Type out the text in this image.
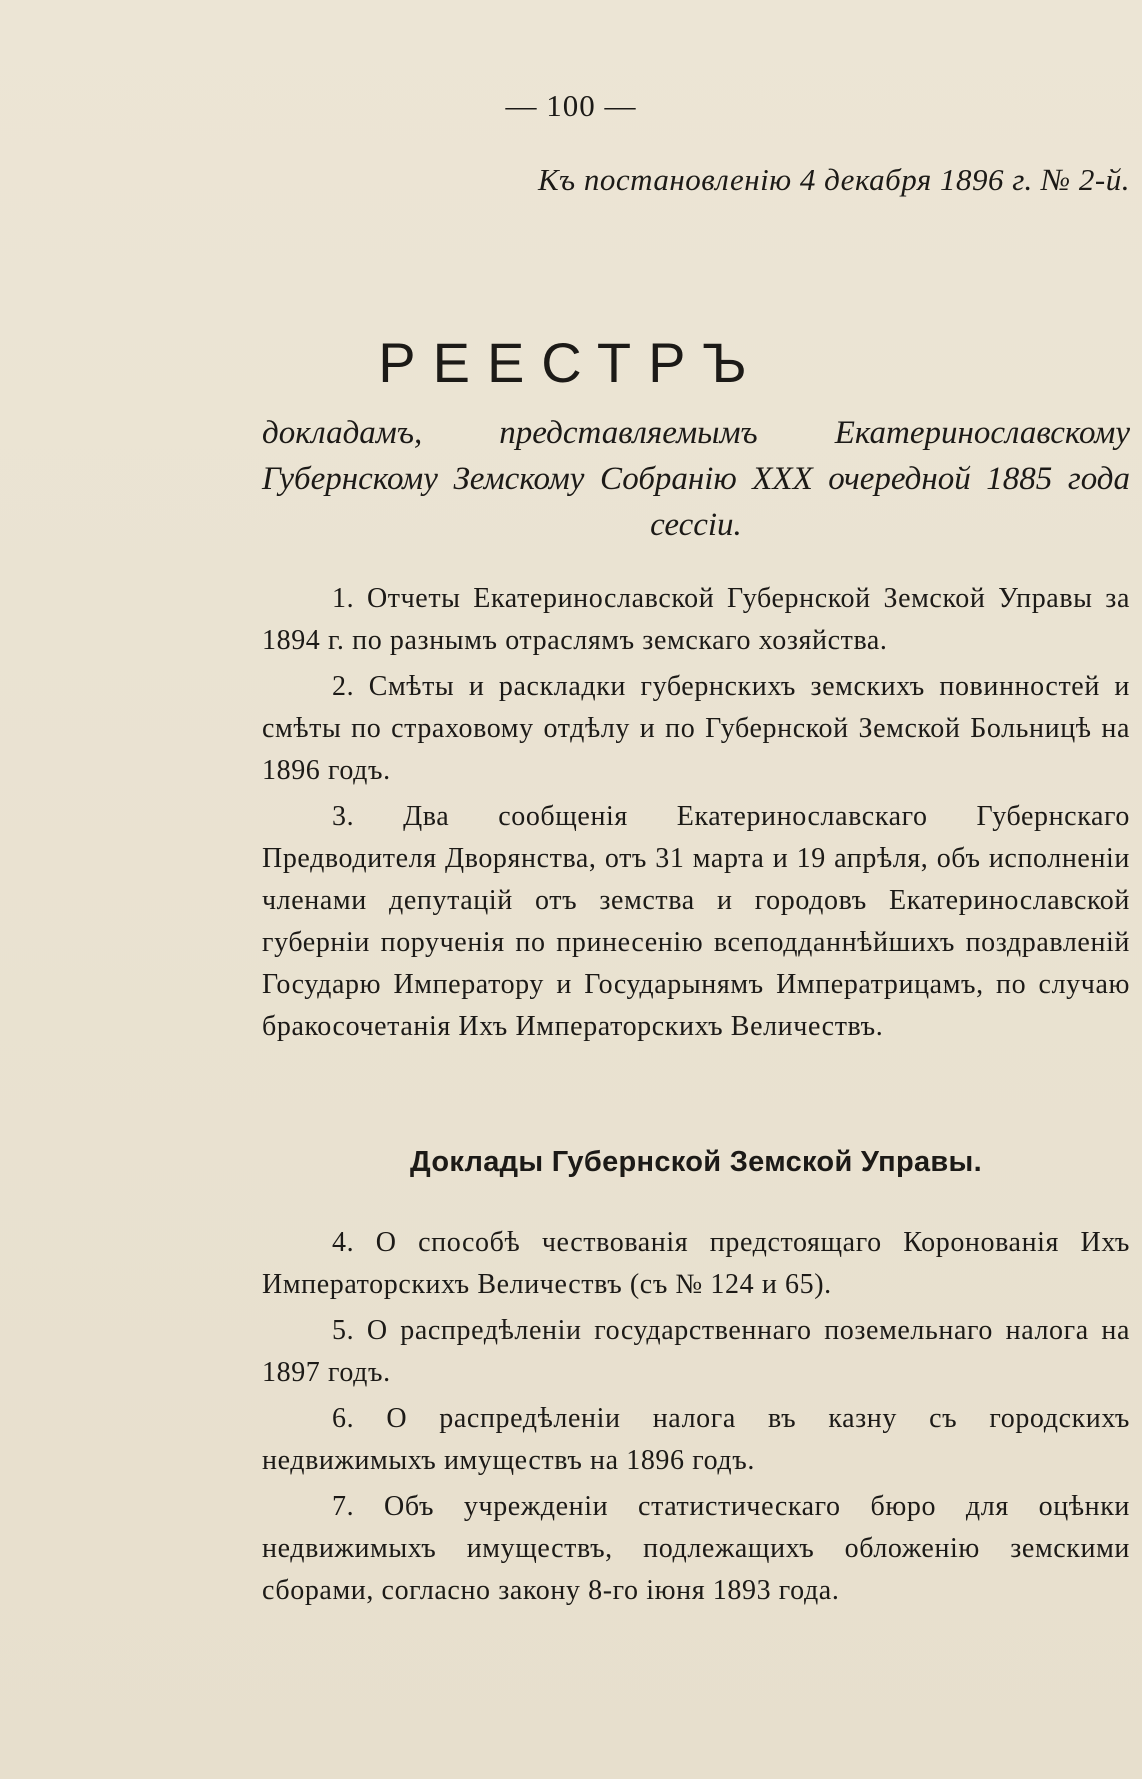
— 100 —
Къ постановленію 4 декабря 1896 г. № 2-й.
РЕЕСТРЪ
докладамъ, представляемымъ Екатеринославскому Губернскому Земскому Собранію XXX очередной 1885 года сессіи.

1. Отчеты Екатеринославской Губернской Земской Управы за 1894 г. по разнымъ отраслямъ земскаго хозяйства.

2. Смѣты и раскладки губернскихъ земскихъ повинностей и смѣты по страховому отдѣлу и по Губернской Земской Больницѣ на 1896 годъ.

3. Два сообщенія Екатеринославскаго Губернскаго Предводителя Дворянства, отъ 31 марта и 19 апрѣля, объ исполненіи членами депутацій отъ земства и городовъ Екатеринославской губерніи порученія по принесенію всеподданнѣйшихъ поздравленій Государю Императору и Государынямъ Императрицамъ, по случаю бракосочетанія Ихъ Императорскихъ Величествъ.

Доклады Губернской Земской Управы.

4. О способѣ чествованія предстоящаго Коронованія Ихъ Императорскихъ Величествъ (съ № 124 и 65).

5. О распредѣленіи государственнаго поземельнаго налога на 1897 годъ.

6. О распредѣленіи налога въ казну съ городскихъ недвижимыхъ имуществъ на 1896 годъ.

7. Объ учрежденіи статистическаго бюро для оцѣнки недвижимыхъ имуществъ, подлежащихъ обложенію земскими сборами, согласно закону 8-го іюня 1893 года.
